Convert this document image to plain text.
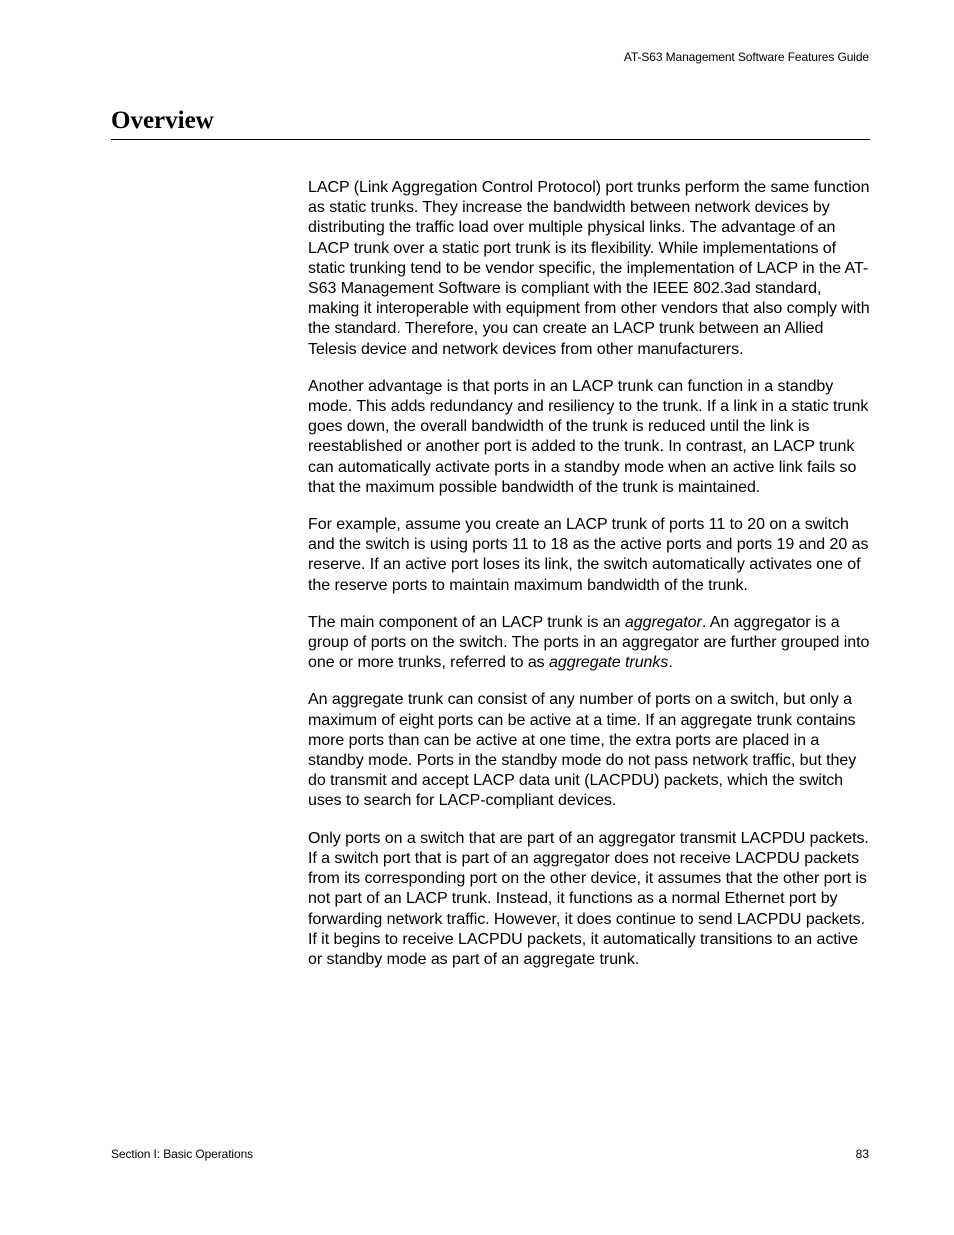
AT-S63 Management Software Features Guide
Overview

LACP (Link Aggregation Control Protocol) port trunks perform the same function as static trunks. They increase the bandwidth between network devices by distributing the traffic load over multiple physical links. The advantage of an LACP trunk over a static port trunk is its flexibility. While implementations of static trunking tend to be vendor specific, the implementation of LACP in the AT-S63 Management Software is compliant with the IEEE 802.3ad standard, making it interoperable with equipment from other vendors that also comply with the standard. Therefore, you can create an LACP trunk between an Allied Telesis device and network devices from other manufacturers.

Another advantage is that ports in an LACP trunk can function in a standby mode. This adds redundancy and resiliency to the trunk. If a link in a static trunk goes down, the overall bandwidth of the trunk is reduced until the link is reestablished or another port is added to the trunk. In contrast, an LACP trunk can automatically activate ports in a standby mode when an active link fails so that the maximum possible bandwidth of the trunk is maintained.

For example, assume you create an LACP trunk of ports 11 to 20 on a switch and the switch is using ports 11 to 18 as the active ports and ports 19 and 20 as reserve. If an active port loses its link, the switch automatically activates one of the reserve ports to maintain maximum bandwidth of the trunk.

The main component of an LACP trunk is an aggregator. An aggregator is a group of ports on the switch. The ports in an aggregator are further grouped into one or more trunks, referred to as aggregate trunks.

An aggregate trunk can consist of any number of ports on a switch, but only a maximum of eight ports can be active at a time. If an aggregate trunk contains more ports than can be active at one time, the extra ports are placed in a standby mode. Ports in the standby mode do not pass network traffic, but they do transmit and accept LACP data unit (LACPDU) packets, which the switch uses to search for LACP-compliant devices.

Only ports on a switch that are part of an aggregator transmit LACPDU packets. If a switch port that is part of an aggregator does not receive LACPDU packets from its corresponding port on the other device, it assumes that the other port is not part of an LACP trunk. Instead, it functions as a normal Ethernet port by forwarding network traffic. However, it does continue to send LACPDU packets. If it begins to receive LACPDU packets, it automatically transitions to an active or standby mode as part of an aggregate trunk.

Section I: Basic Operations	83
